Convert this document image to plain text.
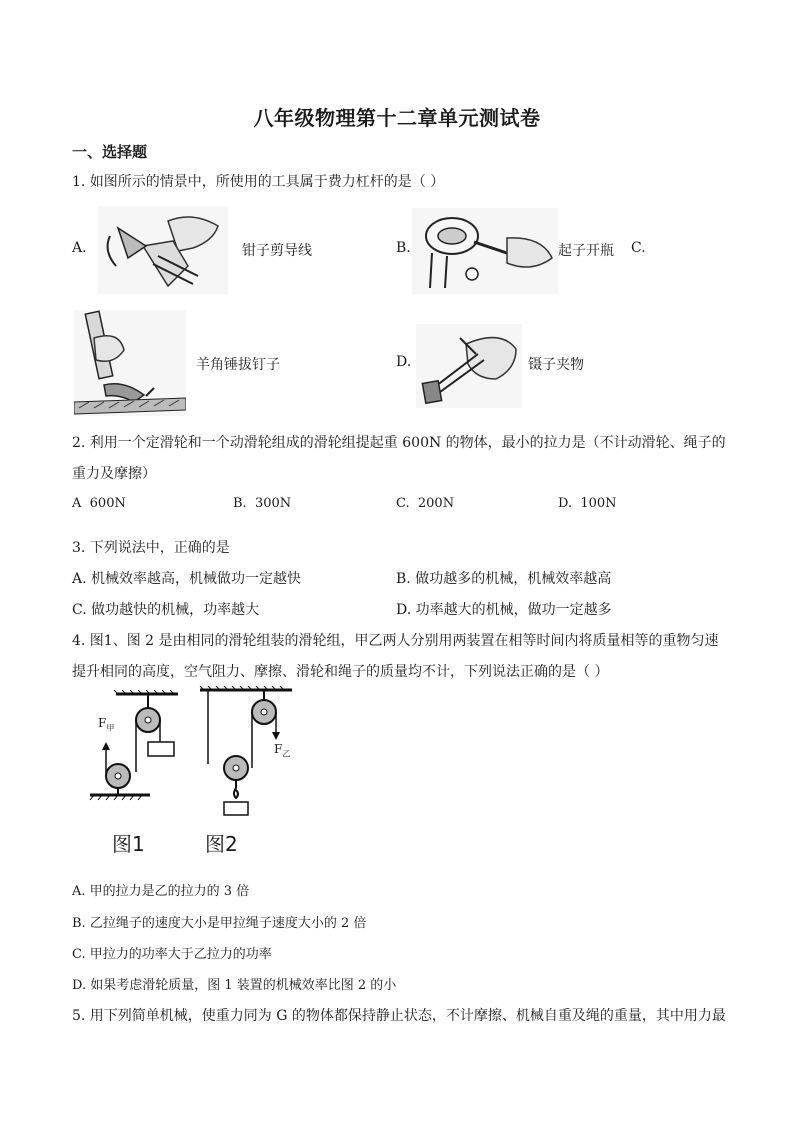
八年级物理第十二章单元测试卷
一、选择题
1. 如图所示的情景中，所使用的工具属于费力杠杆的是（ ）
A.	钳子剪导线	B.	起子开瓶 C.
羊角锤拔钉子	D.	镊子夹物
2. 利用一个定滑轮和一个动滑轮组成的滑轮组提起重 600N 的物体，最小的拉力是（不计动滑轮、绳子的
重力及摩擦）
A 600N	B. 300N	C. 200N	D. 100N
3. 下列说法中，正确的是
A. 机械效率越高，机械做功一定越快	B. 做功越多的机械，机械效率越高
C. 做功越快的机械，功率越大	D. 功率越大的机械，做功一定越多
4. 图1、图 2 是由相同的滑轮组装的滑轮组，甲乙两人分别用两装置在相等时间内将质量相等的重物匀速
提升相同的高度，空气阻力、摩擦、滑轮和绳子的质量均不计，下列说法正确的是（ ）
$F_甲$
$F_乙$
图1	图2
A. 甲的拉力是乙的拉力的 3 倍
B. 乙拉绳子的速度大小是甲拉绳子速度大小的 2 倍
C. 甲拉力的功率大于乙拉力的功率
D. 如果考虑滑轮质量，图 1 装置的机械效率比图 2 的小
5. 用下列简单机械，使重力同为 G 的物体都保持静止状态，不计摩擦、机械自重及绳的重量，其中用力最
